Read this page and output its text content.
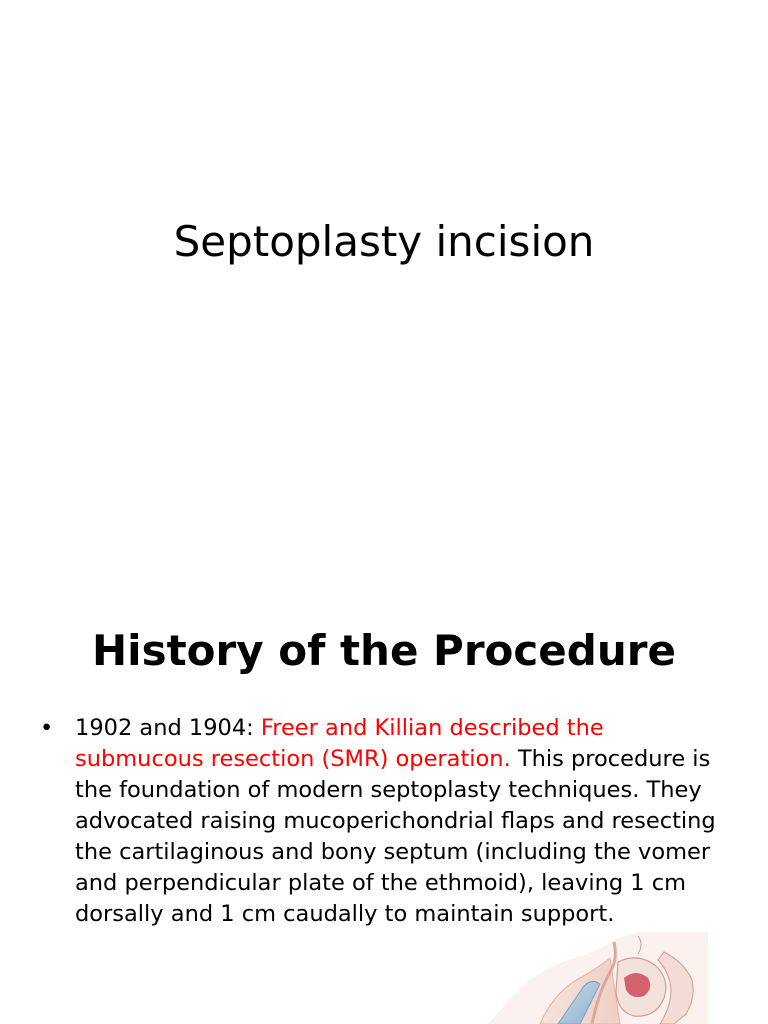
Septoplasty incision
History of the Procedure
• 1902 and 1904: Freer and Killian described the submucous resection (SMR) operation. This procedure is the foundation of modern septoplasty techniques. They advocated raising mucoperichondrial flaps and resecting the cartilaginous and bony septum (including the vomer and perpendicular plate of the ethmoid), leaving 1 cm dorsally and 1 cm caudally to maintain support.
